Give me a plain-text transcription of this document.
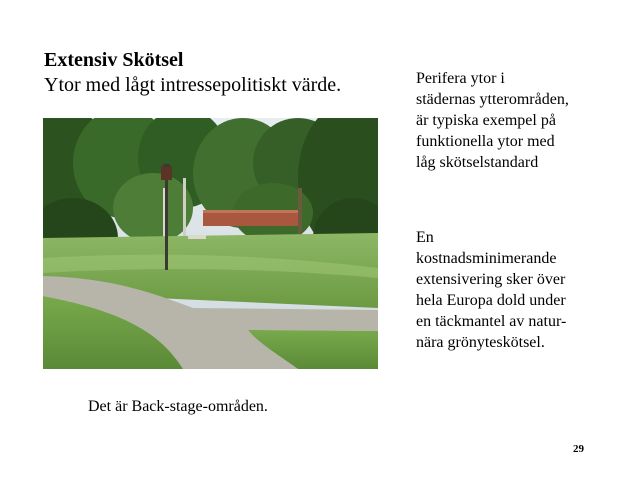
Extensiv Skötsel
Ytor med lågt intressepolitiskt värde.
Det är Back-stage-områden.
Perifera ytor i
städernas ytterområden,
är typiska exempel på
funktionella ytor med
låg skötselstandard
En
kostnadsminimerande
extensivering sker över
hela Europa dold under
en täckmantel av natur-
nära grönyteskötsel.
29
